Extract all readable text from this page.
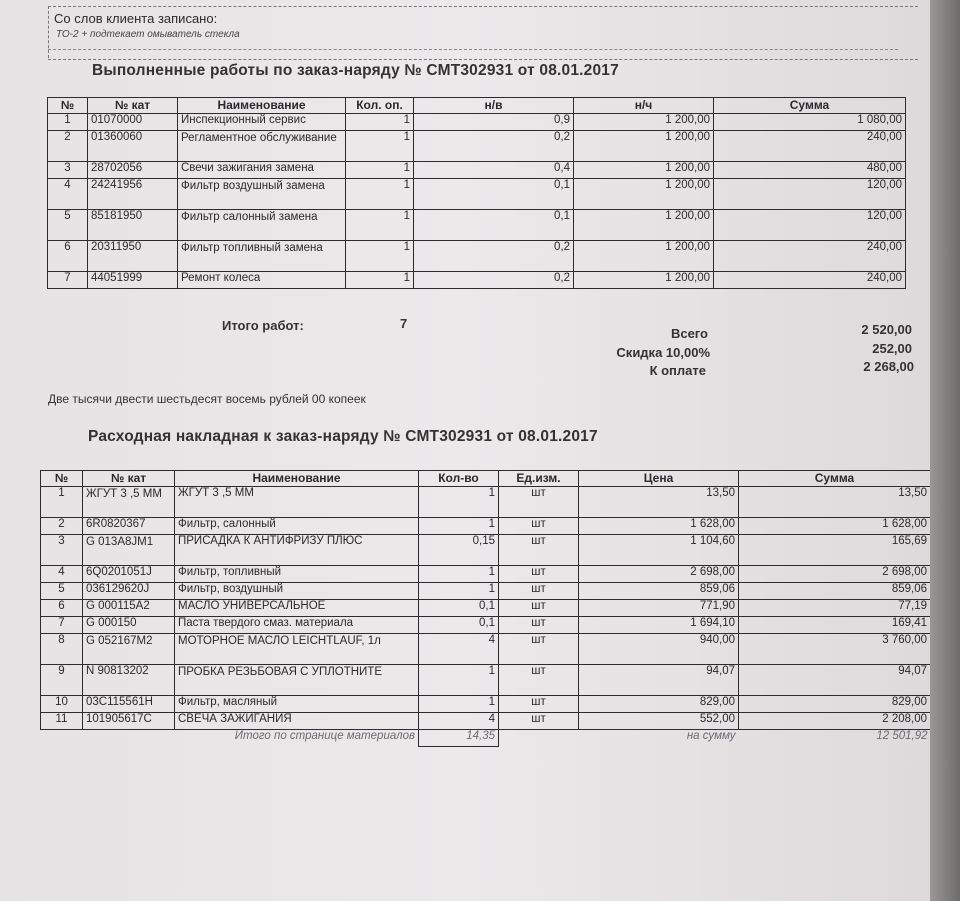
Со слов клиента записано:
ТО-2 + подтекает омыватель стекла
Выполненные работы по заказ-наряду № СМТ302931 от 08.01.2017
№	№ кат	Наименование	Кол. оп.	н/в	н/ч	Сумма
1	01070000	Инспекционный сервис	1	0,9	1 200,00	1 080,00
2	01360060	Регламентное обслуживание	1	0,2	1 200,00	240,00
3	28702056	Свечи зажигания замена	1	0,4	1 200,00	480,00
4	24241956	Фильтр воздушный замена	1	0,1	1 200,00	120,00
5	85181950	Фильтр салонный замена	1	0,1	1 200,00	120,00
6	20311950	Фильтр топливный замена	1	0,2	1 200,00	240,00
7	44051999	Ремонт колеса	1	0,2	1 200,00	240,00
Итого работ:	7
Всего	2 520,00
Скидка 10,00%	252,00
К оплате	2 268,00
Две тысячи двести шестьдесят восемь рублей 00 копеек
Расходная накладная к заказ-наряду № СМТ302931 от 08.01.2017
№	№ кат	Наименование	Кол-во	Ед.изм.	Цена	Сумма
1	ЖГУТ 3 ,5 ММ	ЖГУТ 3 ,5 ММ	1	шт	13,50	13,50
2	6R0820367	Фильтр, салонный	1	шт	1 628,00	1 628,00
3	G 013A8JM1	ПРИСАДКА К АНТИФРИЗУ ПЛЮС	0,15	шт	1 104,60	165,69
4	6Q0201051J	Фильтр, топливный	1	шт	2 698,00	2 698,00
5	036129620J	Фильтр, воздушный	1	шт	859,06	859,06
6	G 000115A2	МАСЛО УНИВЕРСАЛЬНОЕ	0,1	шт	771,90	77,19
7	G 000150	Паста твердого смаз. материала	0,1	шт	1 694,10	169,41
8	G 052167M2	МОТОРНОЕ МАСЛО LEICHTLAUF, 1л	4	шт	940,00	3 760,00
9	N 90813202	ПРОБКА РЕЗЬБОВАЯ С УПЛОТНИТЕ	1	шт	94,07	94,07
10	03C115561H	Фильтр, масляный	1	шт	829,00	829,00
11	101905617C	СВЕЧА ЗАЖИГАНИЯ	4	шт	552,00	2 208,00
	Итого по странице материалов		14,35		на сумму	12 501,92
